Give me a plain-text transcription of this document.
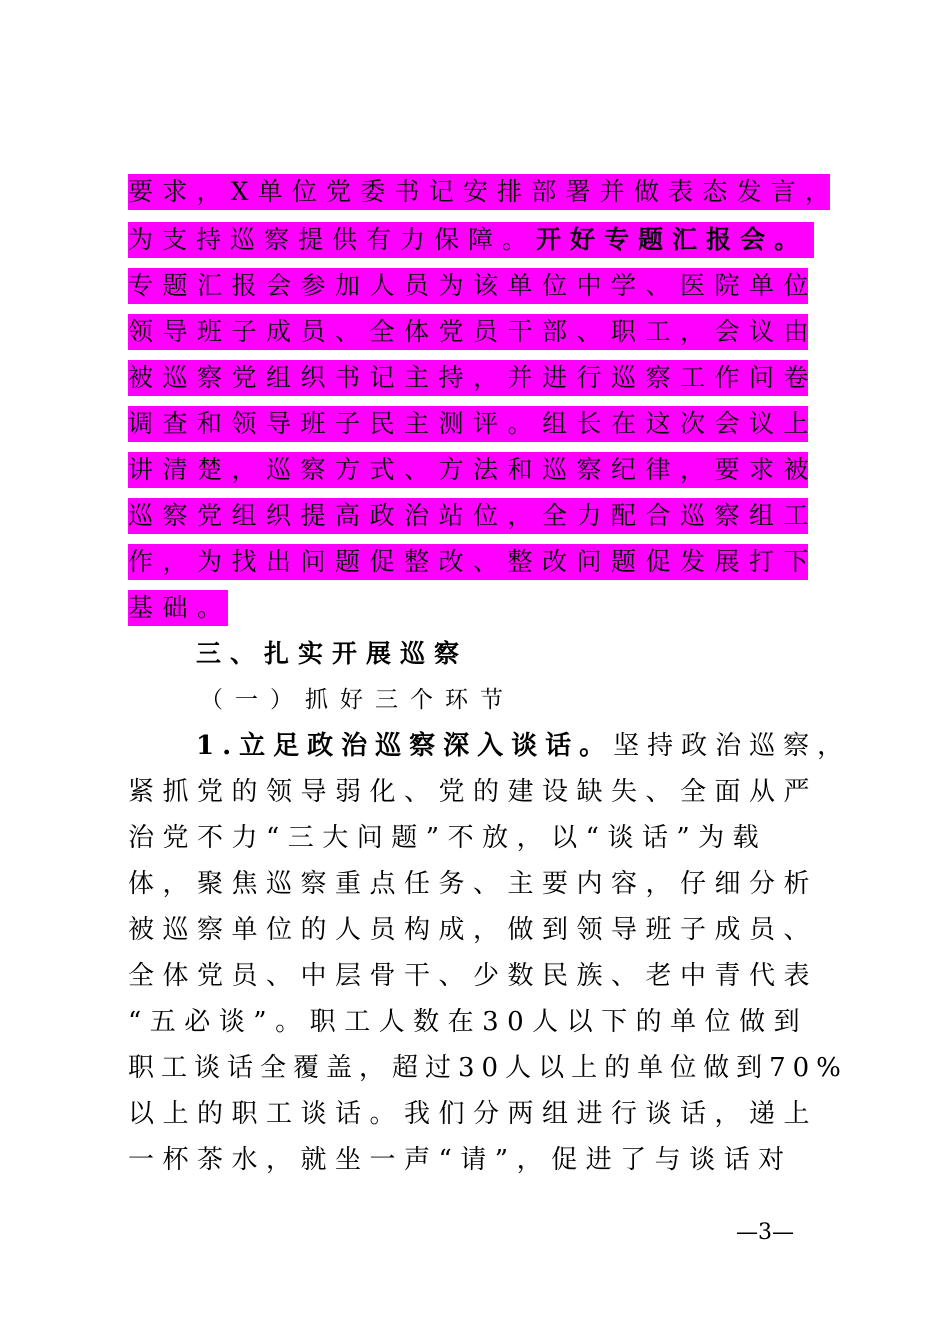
要 求 ， X 单 位 党 委 书 记 安 排 部 署 并 做 表 态 发 言 ，
为支持巡察提供有力保障。开好专题汇报会。
专题汇报会参加人员为该单位中学、医院单位
领导班子成员、全体党员干部、职工，会议由
被巡察党组织书记主持，并进行巡察工作问卷
调查和领导班子民主测评。组长在这次会议上
讲清楚，巡察方式、方法和巡察纪律，要求被
巡察党组织提高政治站位，全力配合巡察组工
作，为找出问题促整改、整改问题促发展打下
基础。
三、扎实开展巡察
（一）抓好三个环节
1.立足政治巡察深入谈话。坚持政治巡察，
紧抓党的领导弱化、党的建设缺失、全面从严
治党不力“三大问题”不放，以“谈话”为载
体，聚焦巡察重点任务、主要内容，仔细分析
被巡察单位的人员构成，做到领导班子成员、
全体党员、中层骨干、少数民族、老中青代表
“五必谈”。职工人数在30人以下的单位做到
职工谈话全覆盖，超过30人以上的单位做到70%
以上的职工谈话。我们分两组进行谈话，递上
一杯茶水，就坐一声“请”，促进了与谈话对
—3—
